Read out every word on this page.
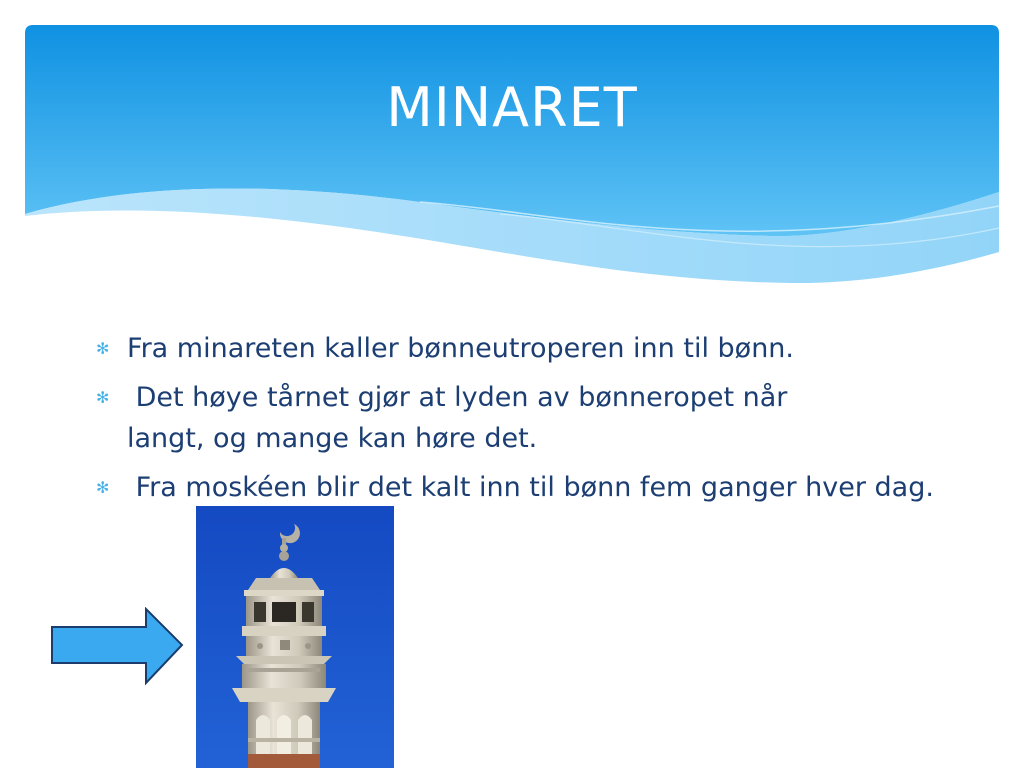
MINARET
✻ Fra minareten kaller bønneutroperen inn til bønn.
✻ Det høye tårnet gjør at lyden av bønneropet når langt, og mange kan høre det.
✻ Fra moskéen blir det kalt inn til bønn fem ganger hver dag.
